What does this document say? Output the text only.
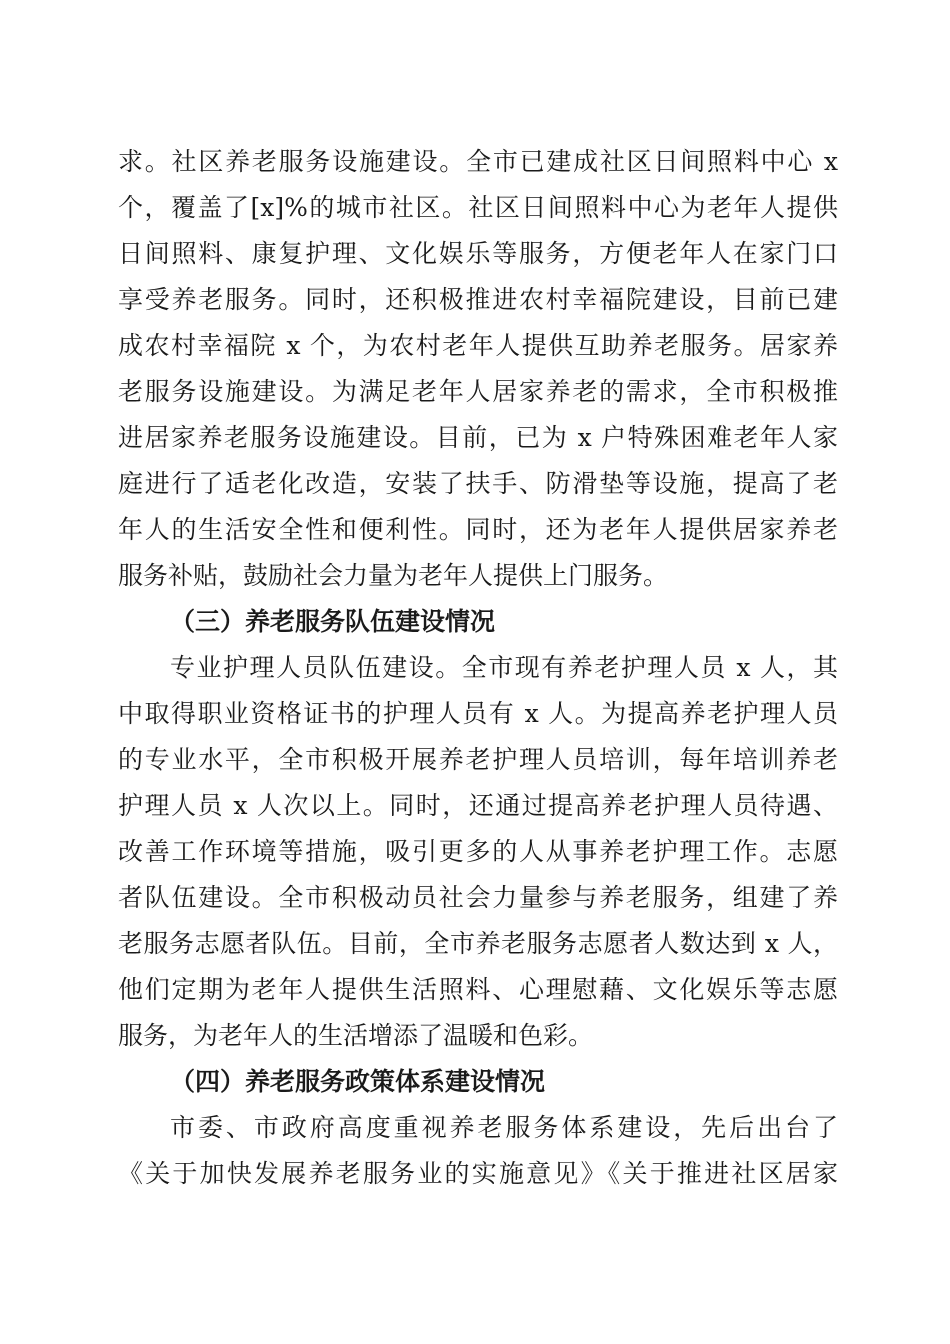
求。社区养老服务设施建设。全市已建成社区日间照料中心 x
个，覆盖了[x]%的城市社区。社区日间照料中心为老年人提供
日间照料、康复护理、文化娱乐等服务，方便老年人在家门口
享受养老服务。同时，还积极推进农村幸福院建设，目前已建
成农村幸福院 x 个，为农村老年人提供互助养老服务。居家养
老服务设施建设。为满足老年人居家养老的需求，全市积极推
进居家养老服务设施建设。目前，已为 x 户特殊困难老年人家
庭进行了适老化改造，安装了扶手、防滑垫等设施，提高了老
年人的生活安全性和便利性。同时，还为老年人提供居家养老
服务补贴，鼓励社会力量为老年人提供上门服务。
（三）养老服务队伍建设情况
专业护理人员队伍建设。全市现有养老护理人员 x 人，其
中取得职业资格证书的护理人员有 x 人。为提高养老护理人员
的专业水平，全市积极开展养老护理人员培训，每年培训养老
护理人员 x 人次以上。同时，还通过提高养老护理人员待遇、
改善工作环境等措施，吸引更多的人从事养老护理工作。志愿
者队伍建设。全市积极动员社会力量参与养老服务，组建了养
老服务志愿者队伍。目前，全市养老服务志愿者人数达到 x 人，
他们定期为老年人提供生活照料、心理慰藉、文化娱乐等志愿
服务，为老年人的生活增添了温暖和色彩。
（四）养老服务政策体系建设情况
市委、市政府高度重视养老服务体系建设，先后出台了
《关于加快发展养老服务业的实施意见》《关于推进社区居家
